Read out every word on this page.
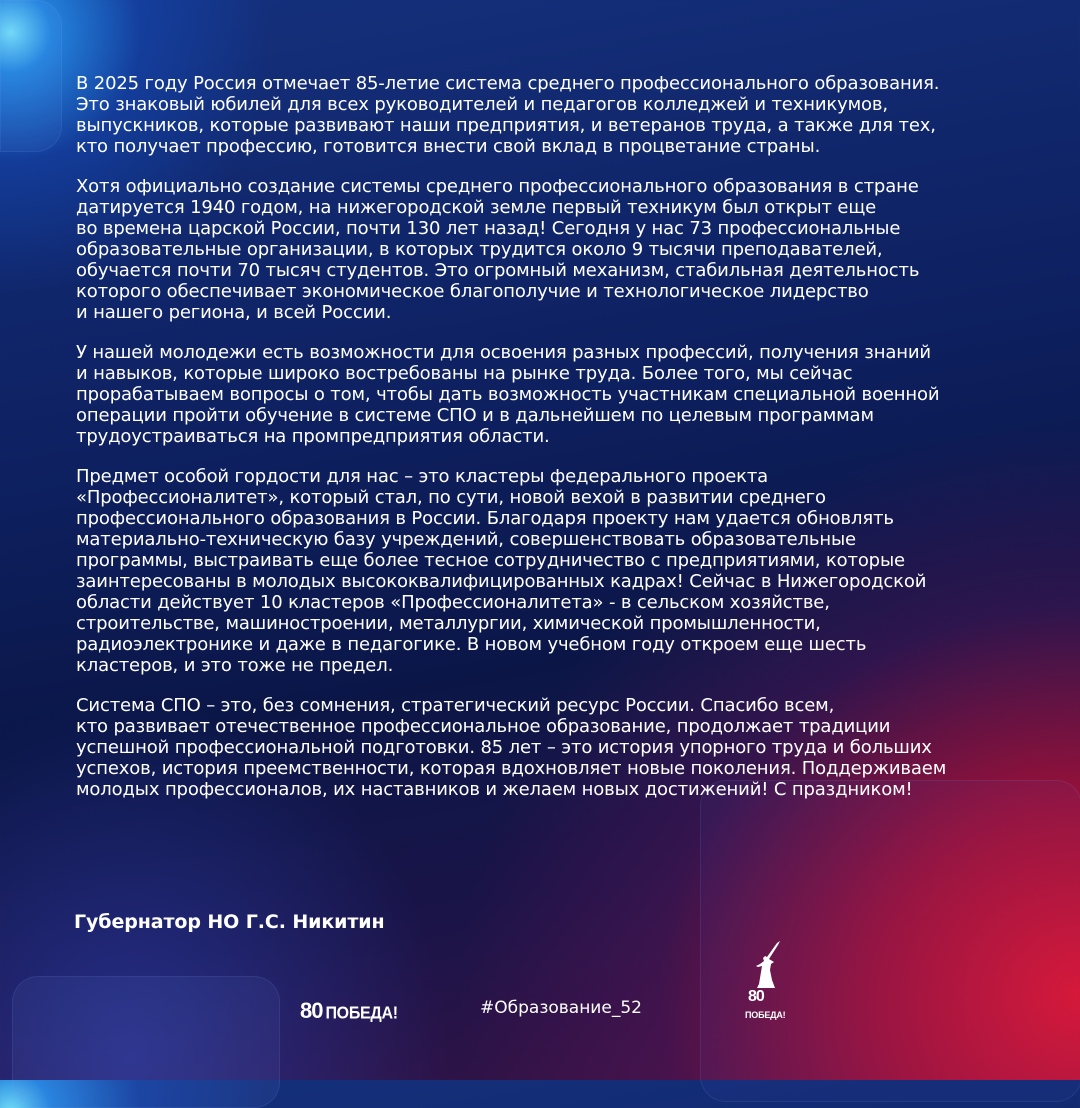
В 2025 году Россия отмечает 85-летие система среднего профессионального образования.
Это знаковый юбилей для всех руководителей и педагогов колледжей и техникумов,
выпускников, которые развивают наши предприятия, и ветеранов труда, а также для тех,
кто получает профессию, готовится внести свой вклад в процветание страны.

Хотя официально создание системы среднего профессионального образования в стране
датируется 1940 годом, на нижегородской земле первый техникум был открыт еще
во времена царской России, почти 130 лет назад! Сегодня у нас 73 профессиональные
образовательные организации, в которых трудится около 9 тысячи преподавателей,
обучается почти 70 тысяч студентов. Это огромный механизм, стабильная деятельность
которого обеспечивает экономическое благополучие и технологическое лидерство
и нашего региона, и всей России.

У нашей молодежи есть возможности для освоения разных профессий, получения знаний
и навыков, которые широко востребованы на рынке труда. Более того, мы сейчас
прорабатываем вопросы о том, чтобы дать возможность участникам специальной военной
операции пройти обучение в системе СПО и в дальнейшем по целевым программам
трудоустраиваться на промпредприятия области.

Предмет особой гордости для нас – это кластеры федерального проекта
«Профессионалитет», который стал, по сути, новой вехой в развитии среднего
профессионального образования в России. Благодаря проекту нам удается обновлять
материально-техническую базу учреждений, совершенствовать образовательные
программы, выстраивать еще более тесное сотрудничество с предприятиями, которые
заинтересованы в молодых высококвалифицированных кадрах! Сейчас в Нижегородской
области действует 10 кластеров «Профессионалитета» - в сельском хозяйстве,
строительстве, машиностроении, металлургии, химической промышленности,
радиоэлектронике и даже в педагогике. В новом учебном году откроем еще шесть
кластеров, и это тоже не предел.

Система СПО – это, без сомнения, стратегический ресурс России. Спасибо всем,
кто развивает отечественное профессиональное образование, продолжает традиции
успешной профессиональной подготовки. 85 лет – это история упорного труда и больших
успехов, история преемственности, которая вдохновляет новые поколения. Поддерживаем
молодых профессионалов, их наставников и желаем новых достижений! С праздником!

Губернатор НО Г.С. Никитин
80 ПОБЕДА!	#Образование_52
80
ПОБЕДА!
